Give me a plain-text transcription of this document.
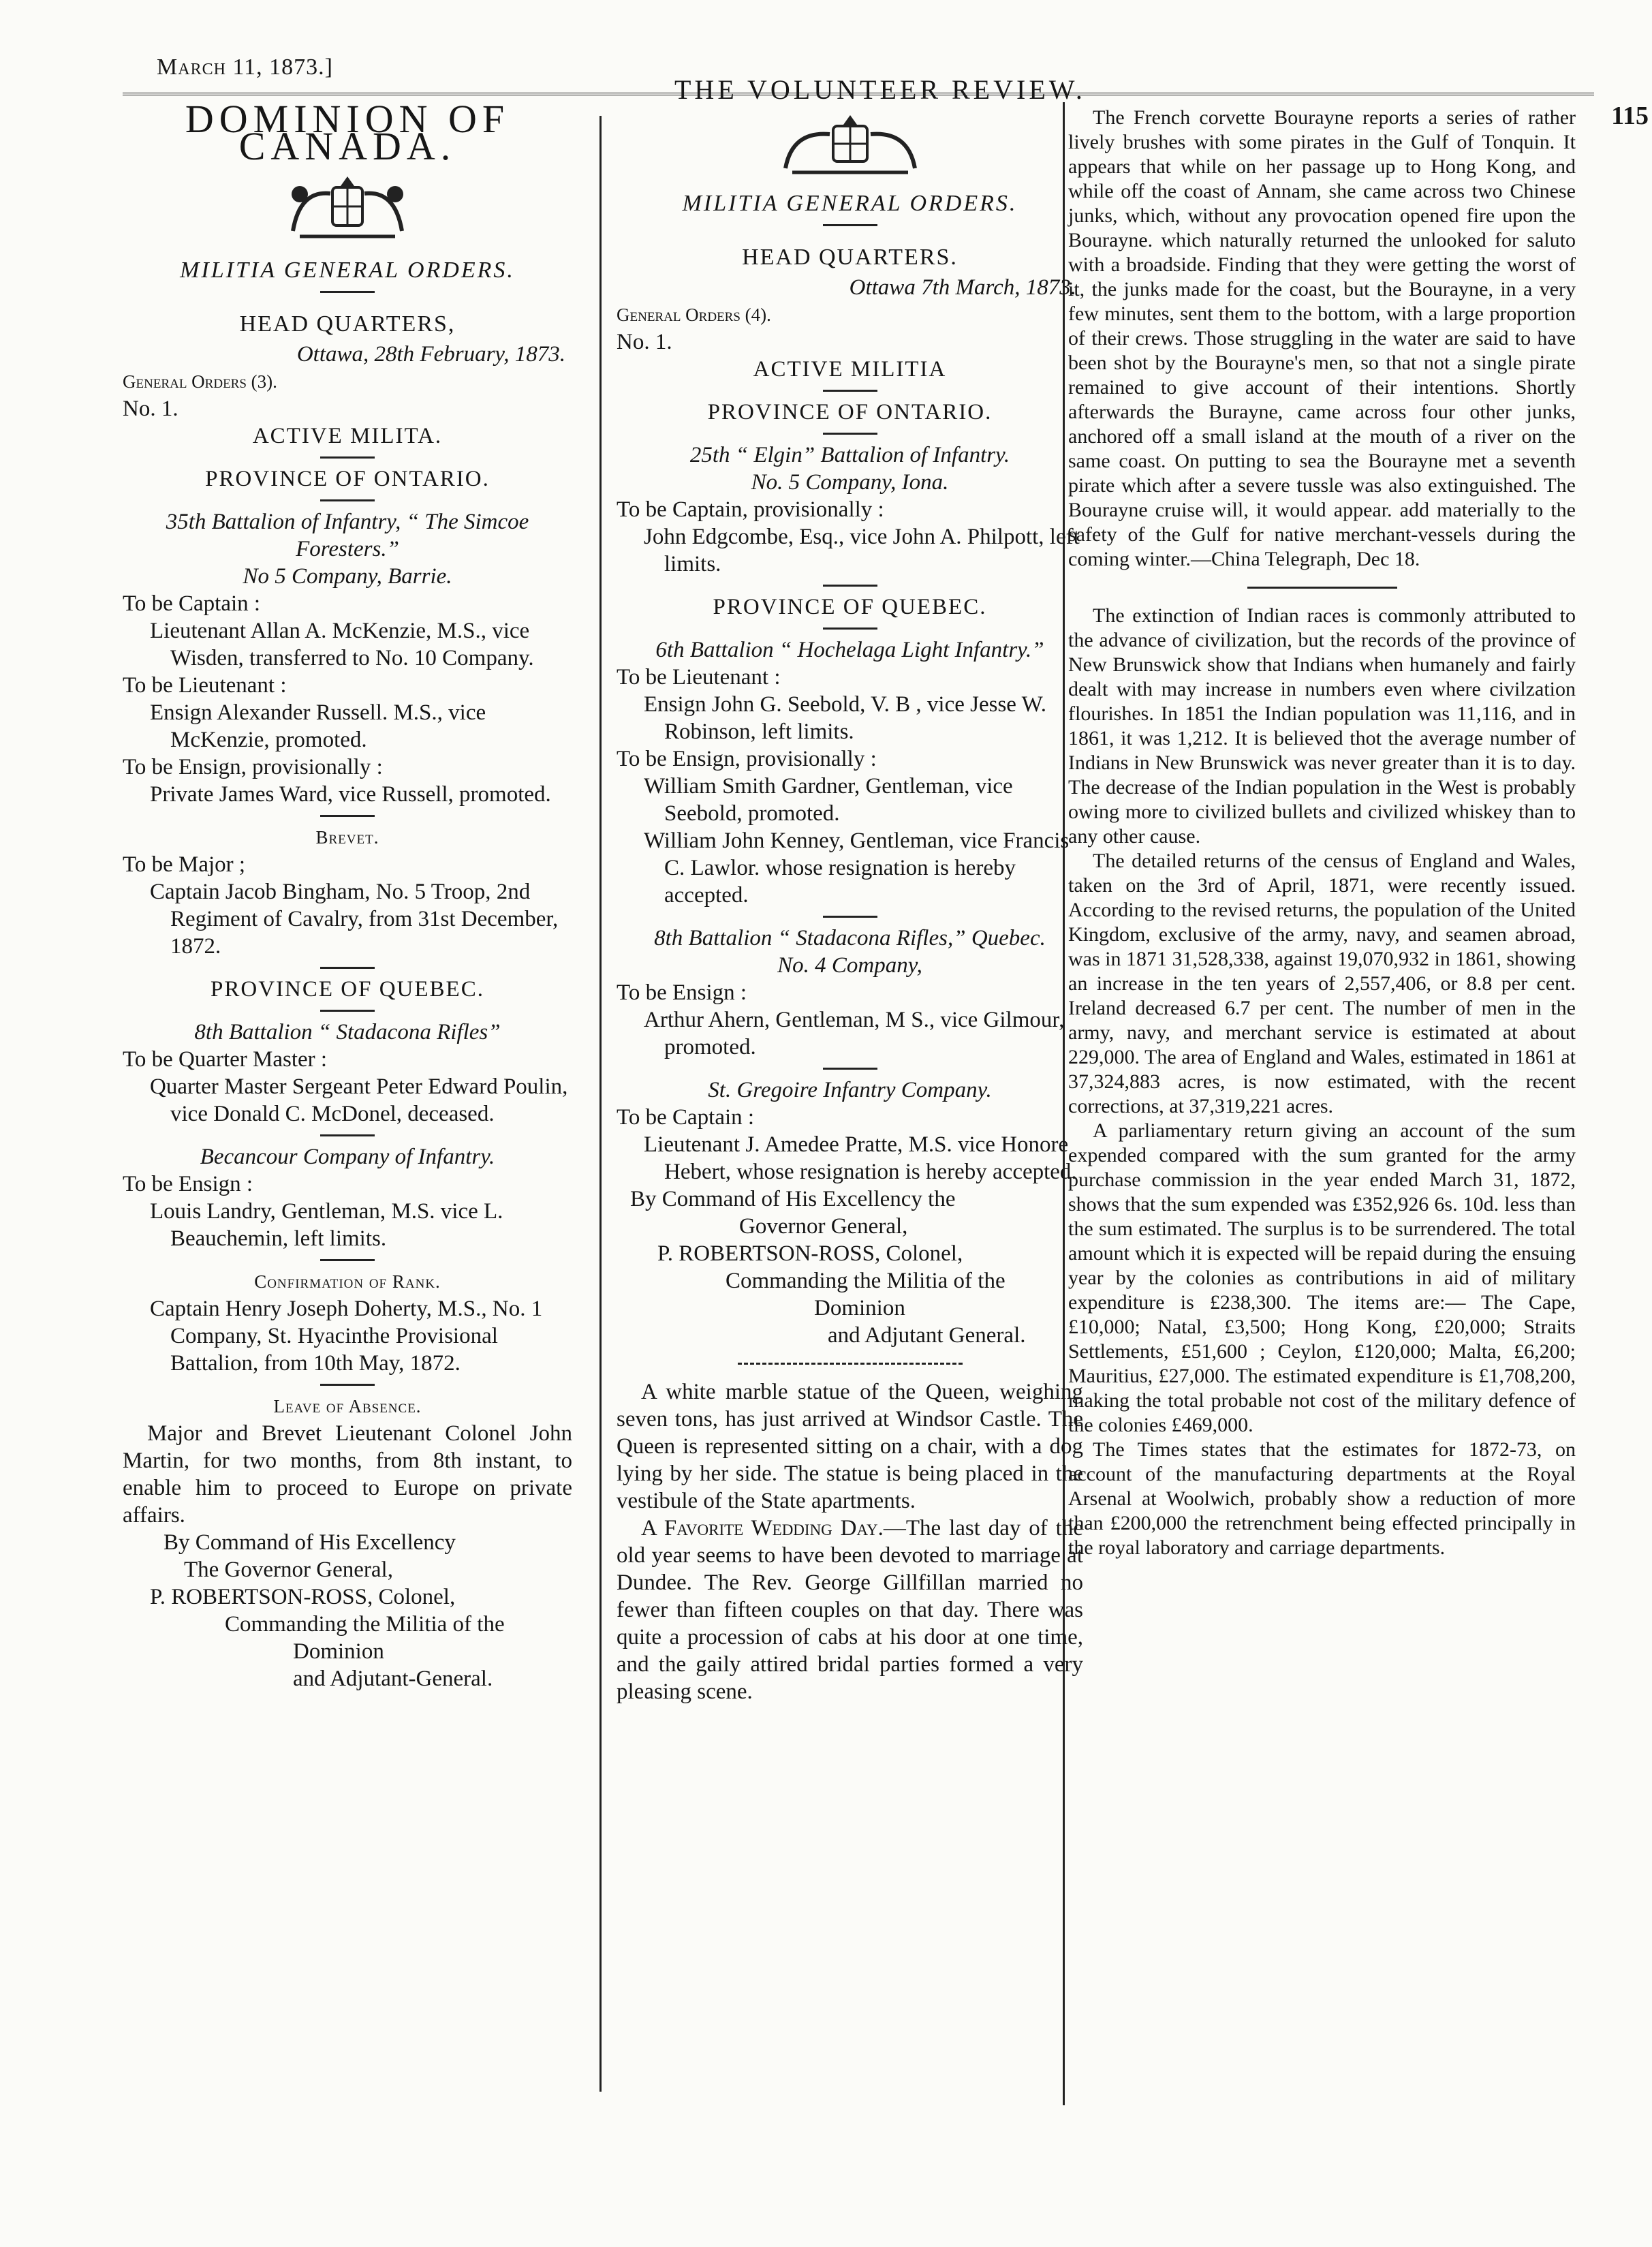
March 11, 1873.]
THE VOLUNTEER REVIEW.
115
DOMINION OF CANADA.
MILITIA GENERAL ORDERS.
HEAD QUARTERS,

Ottawa, 28th February, 1873.

General Orders (3).

No. 1.

ACTIVE MILITA.

PROVINCE OF ONTARIO.

35th Battalion of Infantry, “ The Simcoe Foresters.”

No 5 Company, Barrie.

To be Captain :

Lieutenant Allan A. McKenzie, M.S., vice Wisden, transferred to No. 10 Company.

To be Lieutenant :

Ensign Alexander Russell. M.S., vice McKenzie, promoted.

To be Ensign, provisionally :

Private James Ward, vice Russell, promoted.

Brevet.

To be Major ;

Captain Jacob Bingham, No. 5 Troop, 2nd Regiment of Cavalry, from 31st December, 1872.

PROVINCE OF QUEBEC.

8th Battalion “ Stadacona Rifles”

To be Quarter Master :

Quarter Master Sergeant Peter Edward Poulin, vice Donald C. McDonel, deceased.

Becancour Company of Infantry.

To be Ensign :

Louis Landry, Gentleman, M.S. vice L. Beauchemin, left limits.

Confirmation of Rank.

Captain Henry Joseph Doherty, M.S., No. 1 Company, St. Hyacinthe Provisional Battalion, from 10th May, 1872.

Leave of Absence.

Major and Brevet Lieutenant Colonel John Martin, for two months, from 8th instant, to enable him to proceed to Europe on private affairs.

By Command of His Excellency

The Governor General,

P. ROBERTSON-ROSS, Colonel,

Commanding the Militia of the

Dominion

and Adjutant-General.

MILITIA GENERAL ORDERS.
HEAD QUARTERS.

Ottawa 7th March, 1873.

General Orders (4).

No. 1.

ACTIVE MILITIA

PROVINCE OF ONTARIO.

25th “ Elgin” Battalion of Infantry.

No. 5 Company, Iona.

To be Captain, provisionally :

John Edgcombe, Esq., vice John A. Philpott, left limits.

PROVINCE OF QUEBEC.

6th Battalion “ Hochelaga Light Infantry.”

To be Lieutenant :

Ensign John G. Seebold, V. B , vice Jesse W. Robinson, left limits.

To be Ensign, provisionally :

William Smith Gardner, Gentleman, vice Seebold, promoted.

William John Kenney, Gentleman, vice Francis C. Lawlor. whose resignation is hereby accepted.

8th Battalion “ Stadacona Rifles,” Quebec.

No. 4 Company,

To be Ensign :

Arthur Ahern, Gentleman, M S., vice Gilmour, promoted.

St. Gregoire Infantry Company.

To be Captain :

Lieutenant J. Amedee Pratte, M.S. vice Honore Hebert, whose resignation is hereby accepted.

By Command of His Excellency the

Governor General,

P. ROBERTSON-ROSS, Colonel,

Commanding the Militia of the

Dominion

and Adjutant General.

A white marble statue of the Queen, weighing seven tons, has just arrived at Windsor Castle. The Queen is represented sitting on a chair, with a dog lying by her side. The statue is being placed in the vestibule of the State apartments.

A Favorite Wedding Day.—The last day of the old year seems to have been devoted to marriage at Dundee. The Rev. George Gillfillan married no fewer than fifteen couples on that day. There was quite a procession of cabs at his door at one time, and the gaily attired bridal parties formed a very pleasing scene.

The French corvette Bourayne reports a series of rather lively brushes with some pirates in the Gulf of Tonquin. It appears that while on her passage up to Hong Kong, and while off the coast of Annam, she came across two Chinese junks, which, without any provocation opened fire upon the Bourayne. which naturally returned the unlooked for saluto with a broadside. Finding that they were getting the worst of it, the junks made for the coast, but the Bourayne, in a very few minutes, sent them to the bottom, with a large proportion of their crews. Those struggling in the water are said to have been shot by the Bourayne's men, so that not a single pirate remained to give account of their intentions. Shortly afterwards the Burayne, came across four other junks, anchored off a small island at the mouth of a river on the same coast. On putting to sea the Bourayne met a seventh pirate which after a severe tussle was also extinguished. The Bourayne cruise will, it would appear. add materially to the safety of the Gulf for native merchant-vessels during the coming winter.—China Telegraph, Dec 18.

The extinction of Indian races is commonly attributed to the advance of civilization, but the records of the province of New Brunswick show that Indians when humanely and fairly dealt with may increase in numbers even where civilzation flourishes. In 1851 the Indian population was 11,116, and in 1861, it was 1,212. It is believed thot the average number of Indians in New Brunswick was never greater than it is to day. The decrease of the Indian population in the West is probably owing more to civilized bullets and civilized whiskey than to any other cause.

The detailed returns of the census of England and Wales, taken on the 3rd of April, 1871, were recently issued. According to the revised returns, the population of the United Kingdom, exclusive of the army, navy, and seamen abroad, was in 1871 31,528,338, against 19,070,932 in 1861, showing an increase in the ten years of 2,557,406, or 8.8 per cent. Ireland decreased 6.7 per cent. The number of men in the army, navy, and merchant service is estimated at about 229,000. The area of England and Wales, estimated in 1861 at 37,324,883 acres, is now estimated, with the recent corrections, at 37,319,221 acres.

A parliamentary return giving an account of the sum expended compared with the sum granted for the army purchase commission in the year ended March 31, 1872, shows that the sum expended was £352,926 6s. 10d. less than the sum estimated. The surplus is to be surrendered. The total amount which it is expected will be repaid during the ensuing year by the colonies as contributions in aid of military expenditure is £238,300. The items are:— The Cape, £10,000; Natal, £3,500; Hong Kong, £20,000; Straits Settlements, £51,600 ; Ceylon, £120,000; Malta, £6,200; Mauritius, £27,000. The estimated expenditure is £1,708,200, making the total probable not cost of the military defence of the colonies £469,000.

The Times states that the estimates for 1872-73, on account of the manufacturing departments at the Royal Arsenal at Woolwich, probably show a reduction of more than £200,000 the retrenchment being effected principally in the royal laboratory and carriage departments.
